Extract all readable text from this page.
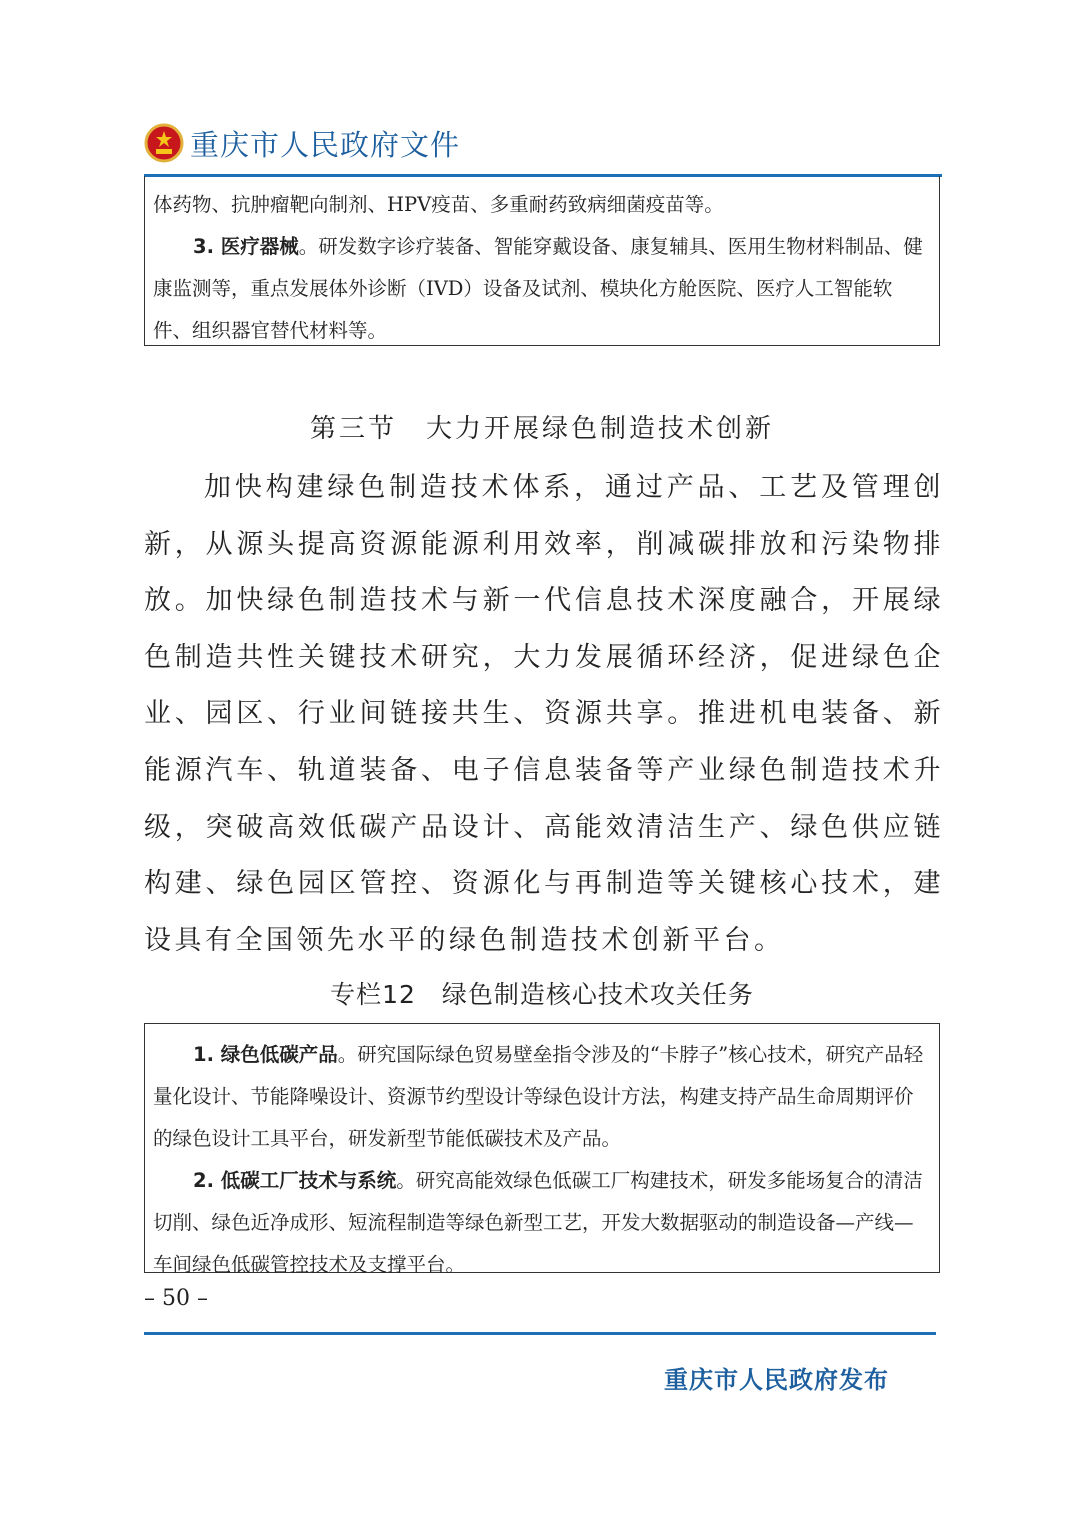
重庆市人民政府文件

体药物、抗肿瘤靶向制剂、HPV疫苗、多重耐药致病细菌疫苗等。

3. 医疗器械。研发数字诊疗装备、智能穿戴设备、康复辅具、医用生物材料制品、健康监测等，重点发展体外诊断（IVD）设备及试剂、模块化方舱医院、医疗人工智能软件、组织器官替代材料等。

第三节　大力开展绿色制造技术创新

加快构建绿色制造技术体系，通过产品、工艺及管理创新，从源头提高资源能源利用效率，削减碳排放和污染物排放。加快绿色制造技术与新一代信息技术深度融合，开展绿色制造共性关键技术研究，大力发展循环经济，促进绿色企业、园区、行业间链接共生、资源共享。推进机电装备、新能源汽车、轨道装备、电子信息装备等产业绿色制造技术升级，突破高效低碳产品设计、高能效清洁生产、绿色供应链构建、绿色园区管控、资源化与再制造等关键核心技术，建设具有全国领先水平的绿色制造技术创新平台。

专栏12　绿色制造核心技术攻关任务

1. 绿色低碳产品。研究国际绿色贸易壁垒指令涉及的“卡脖子”核心技术，研究产品轻量化设计、节能降噪设计、资源节约型设计等绿色设计方法，构建支持产品生命周期评价的绿色设计工具平台，研发新型节能低碳技术及产品。

2. 低碳工厂技术与系统。研究高能效绿色低碳工厂构建技术，研发多能场复合的清洁切削、绿色近净成形、短流程制造等绿色新型工艺，开发大数据驱动的制造设备—产线—车间绿色低碳管控技术及支撑平台。

– 50 –
重庆市人民政府发布
